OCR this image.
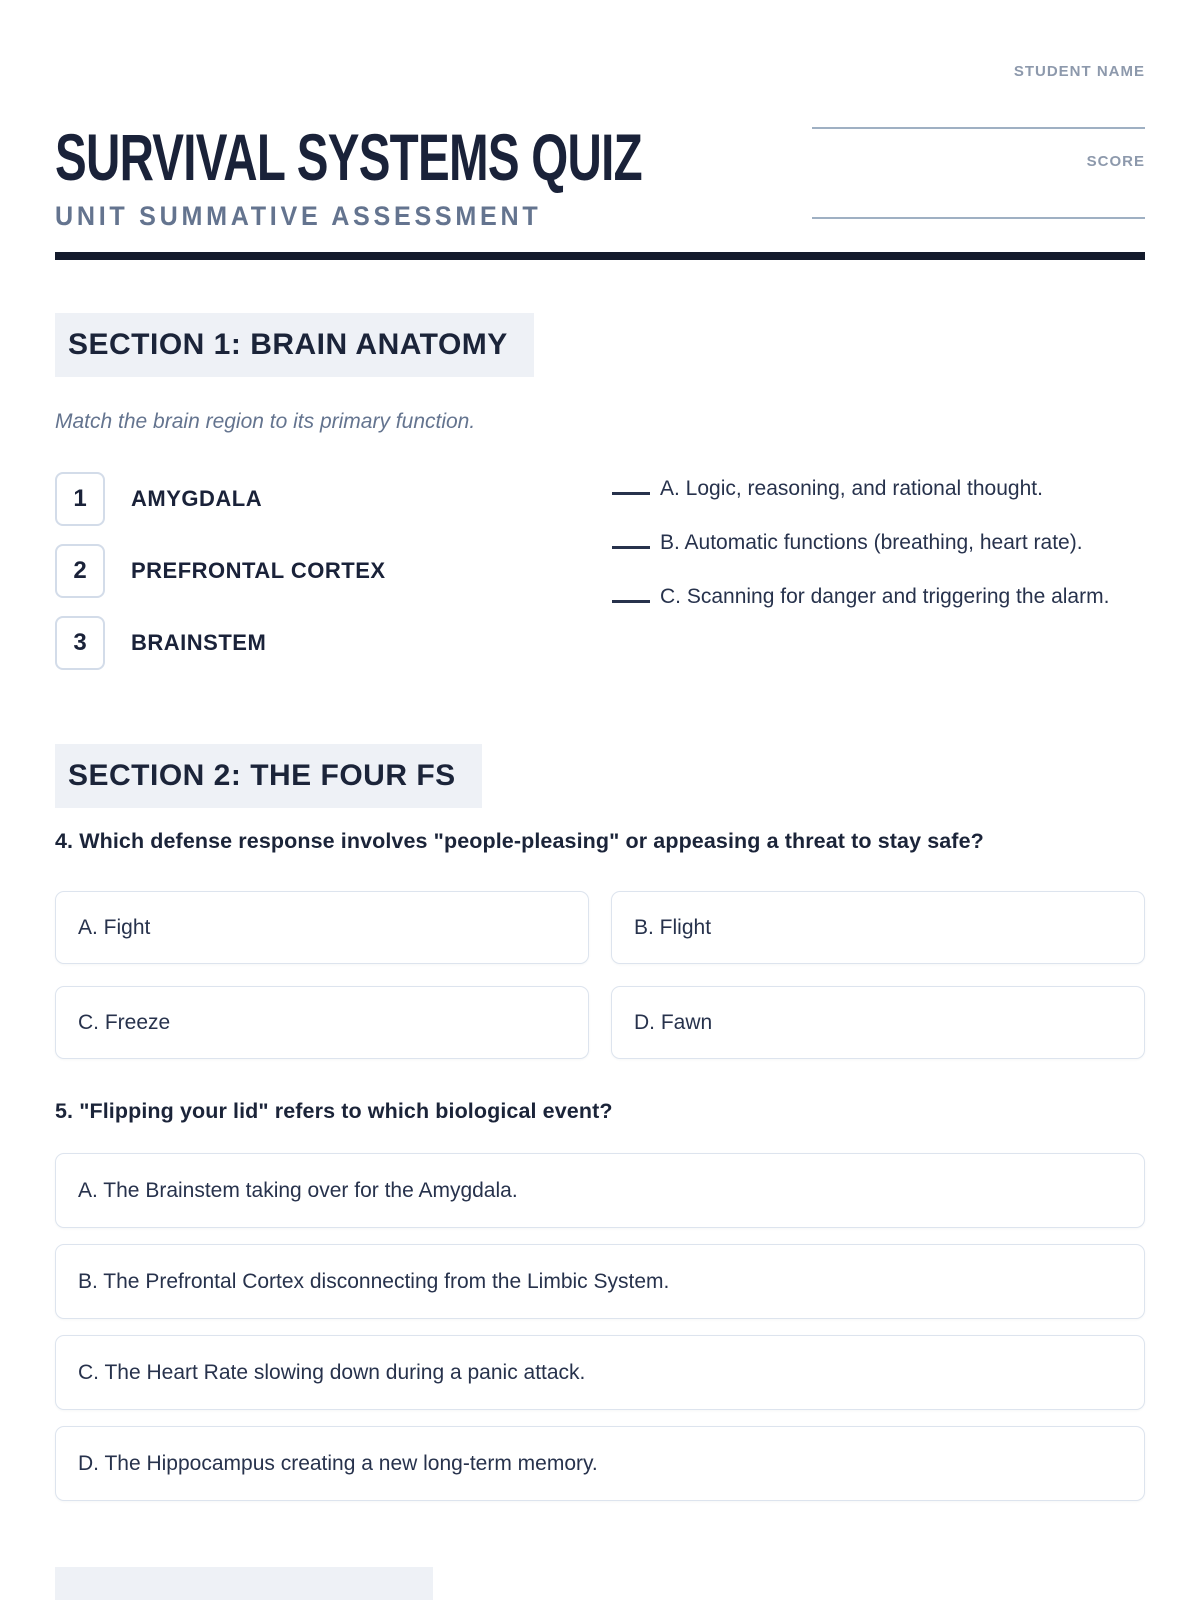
SURVIVAL SYSTEMS QUIZ
UNIT SUMMATIVE ASSESSMENT
STUDENT NAME
SCORE
SECTION 1: BRAIN ANATOMY
Match the brain region to its primary function.
1	AMYGDALA
2	PREFRONTAL CORTEX
3	BRAINSTEM
A. Logic, reasoning, and rational thought.
B. Automatic functions (breathing, heart rate).
C. Scanning for danger and triggering the alarm.
SECTION 2: THE FOUR FS
4. Which defense response involves "people-pleasing" or appeasing a threat to stay safe?
A. Fight	B. Flight
C. Freeze	D. Fawn
5. "Flipping your lid" refers to which biological event?
A. The Brainstem taking over for the Amygdala.
B. The Prefrontal Cortex disconnecting from the Limbic System.
C. The Heart Rate slowing down during a panic attack.
D. The Hippocampus creating a new long-term memory.
